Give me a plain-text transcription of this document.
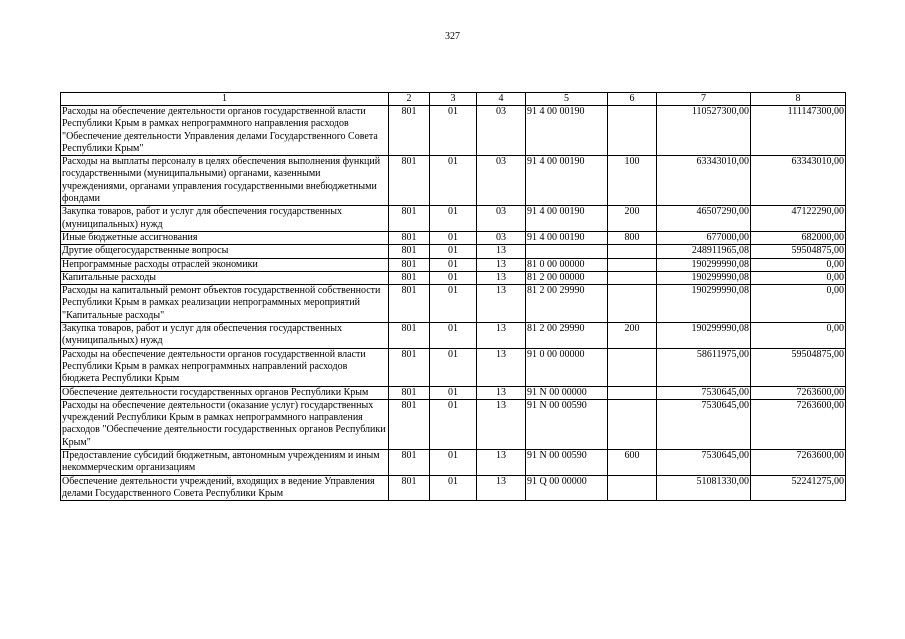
327
1	2	3	4	5	6	7	8
Расходы на обеспечение деятельности органов государственной власти Республики Крым в рамках непрограммного направления расходов "Обеспечение деятельности Управления делами Государственного Совета Республики Крым"	801	01	03	91 4 00 00190		110527300,00	111147300,00
Расходы на выплаты персоналу в целях обеспечения выполнения функций государственными (муниципальными) органами, казенными учреждениями, органами управления государственными внебюджетными фондами	801	01	03	91 4 00 00190	100	63343010,00	63343010,00
Закупка товаров, работ и услуг для обеспечения государственных (муниципальных) нужд	801	01	03	91 4 00 00190	200	46507290,00	47122290,00
Иные бюджетные ассигнования	801	01	03	91 4 00 00190	800	677000,00	682000,00
Другие общегосударственные вопросы	801	01	13			248911965,08	59504875,00
Непрограммные расходы отраслей экономики	801	01	13	81 0 00 00000		190299990,08	0,00
Капитальные расходы	801	01	13	81 2 00 00000		190299990,08	0,00
Расходы на капитальный ремонт объектов государственной собственности Республики Крым в рамках реализации непрограммных мероприятий "Капитальные расходы"	801	01	13	81 2 00 29990		190299990,08	0,00
Закупка товаров, работ и услуг для обеспечения государственных (муниципальных) нужд	801	01	13	81 2 00 29990	200	190299990,08	0,00
Расходы на обеспечение деятельности органов государственной власти Республики Крым в рамках непрограммных направлений расходов бюджета Республики Крым	801	01	13	91 0 00 00000		58611975,00	59504875,00
Обеспечение деятельности государственных органов Республики Крым	801	01	13	91 N 00 00000		7530645,00	7263600,00
Расходы на обеспечение деятельности (оказание услуг) государственных учреждений Республики Крым в рамках непрограммного направления расходов "Обеспечение деятельности государственных органов Республики Крым"	801	01	13	91 N 00 00590		7530645,00	7263600,00
Предоставление субсидий бюджетным, автономным учреждениям и иным некоммерческим организациям	801	01	13	91 N 00 00590	600	7530645,00	7263600,00
Обеспечение деятельности учреждений, входящих в ведение Управления делами Государственного Совета Республики Крым	801	01	13	91 Q 00 00000		51081330,00	52241275,00
